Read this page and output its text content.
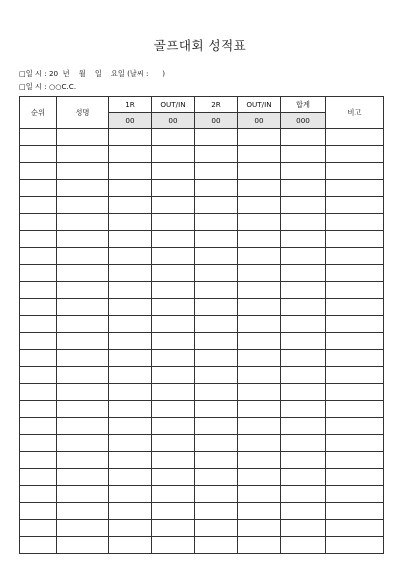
골프대회 성적표
□일 시 : 20  년    월    일    요일 (날씨 :      )
□일 시 : ○○C.C.
순위	성명	1R	OUT/IN	2R	OUT/IN	합계	비고
		00	00	00	00	000	
